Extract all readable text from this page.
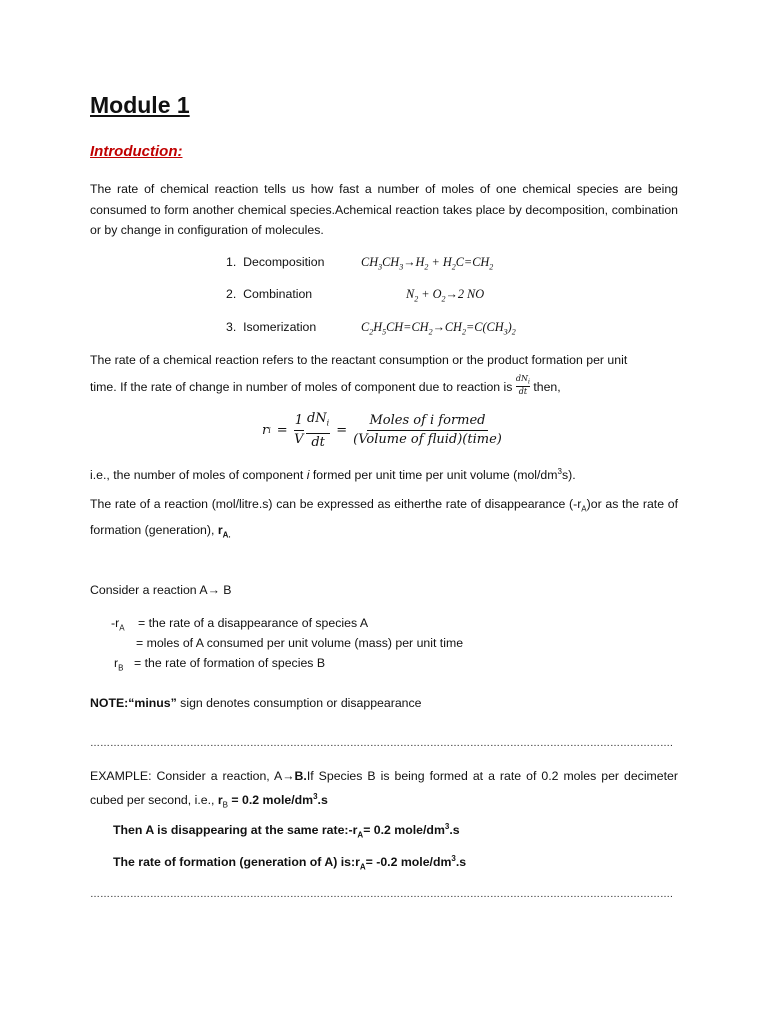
Module 1
Introduction:
The rate of chemical reaction tells us how fast a number of moles of one chemical species are being consumed to form another chemical species.Achemical reaction takes place by decomposition, combination or by change in configuration of molecules.
1. Decomposition	$CH_3CH_3\to H_2 + H_2C=CH_2$
2. Combination	$N_2 + O_2\to 2$ NO
3. Isomerization	$C_2H_5CH=CH_2\to CH_2=C(CH_3)_2$
The rate of a chemical reaction refers to the reactant consumption or the product formation per unit
time. If the rate of change in number of moles of component due to reaction is
$dN_i$
dt then,
r $i = \frac{1}{V} dN_i$
dt
=
Moles of i formed
(Volume of fluid)(time)
i.e., the number of moles of component i formed per unit time per unit volume $(mol/dm^3s)$.
The rate of a reaction (mol/litre.s) can be expressed as eitherthe rate of disappearance $(-r_A)or$ as the rate of formation (generation), $r_{A.}$
Consider a reaction A→ B
$-r_A$ = the rate of a disappearance of species A
= moles of A consumed per unit volume (mass) per unit time
$r_B$ = the rate of formation of species B
NOTE:“minus” sign denotes consumption or disappearance
………………………………………………………………………………………………………………………………………………………….
EXAMPLE: Consider a reaction, A→B.If Species B is being formed at a rate of 0.2 moles per decimeter cubed per second, i.e., $r_B = 0.2$ mole/$dm^3.s$
Then A is disappearing at the same $rate:-r_A= 0.2$ mole/$dm^3.s$
The rate of formation (generation of A) $is:r_A= -0.2$ mole/$dm^3.s$
………………………………………………………………………………………………………………………………………………………….
